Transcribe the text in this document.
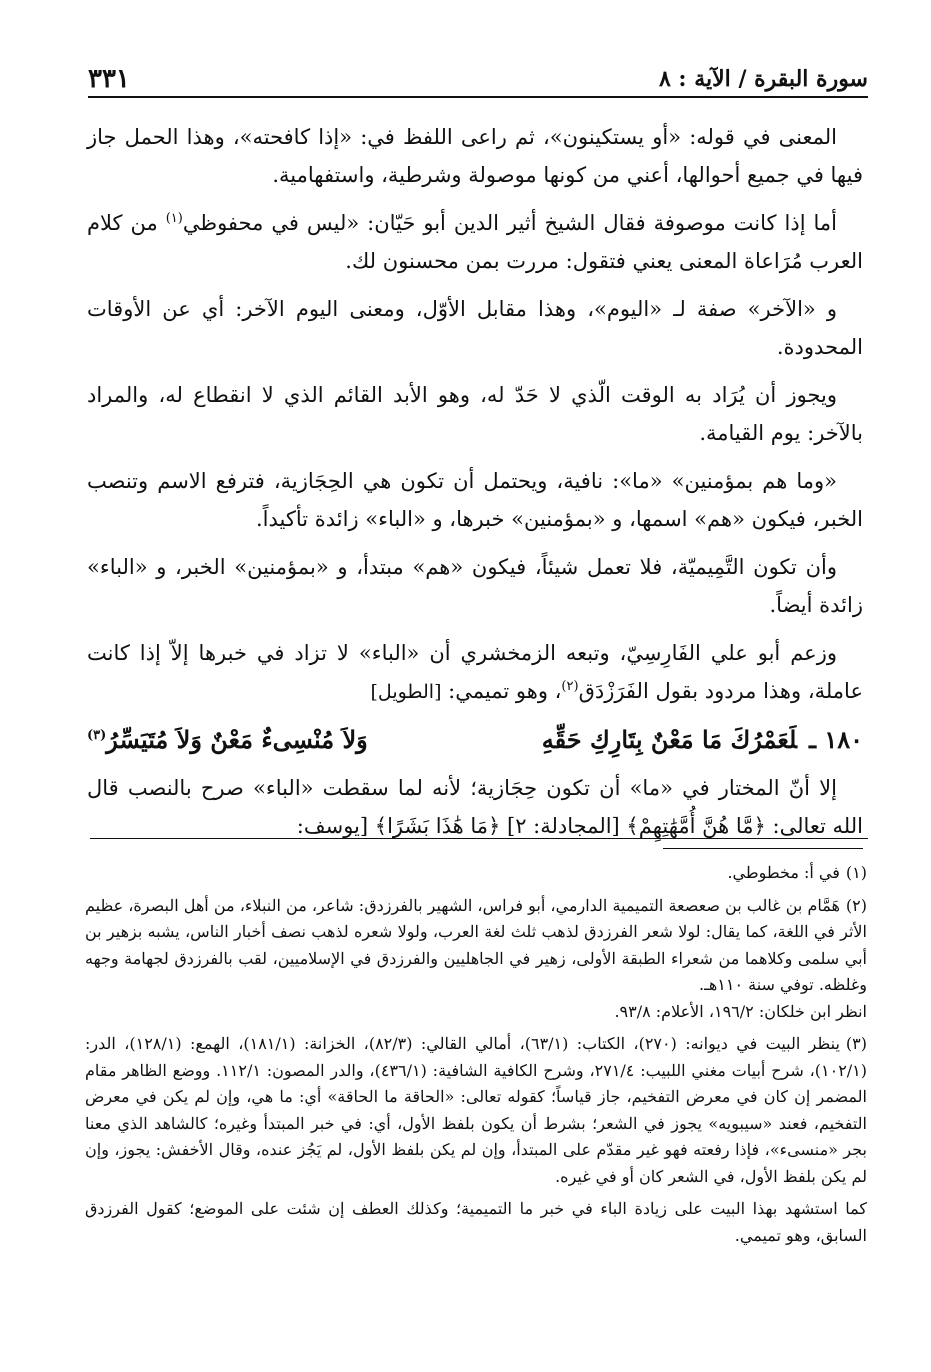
سورة البقرة / الآية : ٨
٣٣١

المعنى في قوله: «أو يستكينون»، ثم راعى اللفظ في: «إذا كافحته»، وهذا الحمل جاز فيها في جميع أحوالها، أعني من كونها موصولة وشرطية، واستفهامية.

أما إذا كانت موصوفة فقال الشيخ أثير الدين أبو حَيّان: «ليس في محفوظي$^{(١)}$ من كلام العرب مُرَاعاة المعنى يعني فتقول: مررت بمن محسنون لك.

و «الآخر» صفة لـ «اليوم»، وهذا مقابل الأوّل، ومعنى اليوم الآخر: أي عن الأوقات المحدودة.

ويجوز أن يُرَاد به الوقت الّذي لا حَدّ له، وهو الأبد القائم الذي لا انقطاع له، والمراد بالآخر: يوم القيامة.

«وما هم بمؤمنين» «ما»: نافية، ويحتمل أن تكون هي الحِجَازية، فترفع الاسم وتنصب الخبر، فيكون «هم» اسمها، و «بمؤمنين» خبرها، و «الباء» زائدة تأكيداً.

وأن تكون التَّمِيميّة، فلا تعمل شيئاً، فيكون «هم» مبتدأ، و «بمؤمنين» الخبر، و «الباء» زائدة أيضاً.

وزعم أبو علي الفَارِسِيّ، وتبعه الزمخشري أن «الباء» لا تزاد في خبرها إلاّ إذا كانت عاملة، وهذا مردود بقول الفَرَزْدَق$^{(٢)}$، وهو تميمي: [الطويل]

١٨٠ ـلَعَمْرُكَ مَا مَعْنٌ بِتَارِكِ حَقِّهِ
وَلاَ مُنْسِىءٌ مَعْنٌ وَلاَ مُتَيَسِّرُ$^{(٣)}$

إلا أنّ المختار في «ما» أن تكون حِجَازية؛ لأنه لما سقطت «الباء» صرح بالنصب قال الله تعالى: ﴿مَّا هُنَّ أُمَّهَٰتِهِمْ﴾ [المجادلة: ٢] ﴿مَا هَٰذَا بَشَرًا﴾ [يوسف:

(١)في أ: مخطوطي.

(٢)هَمَّام بن غالب بن صعصعة التميمية الدارمي، أبو فراس، الشهير بالفرزدق: شاعر، من النبلاء، من أهل البصرة، عظيم الأثر في اللغة، كما يقال: لولا شعر الفرزدق لذهب ثلث لغة العرب، ولولا شعره لذهب نصف أخبار الناس، يشبه بزهير بن أبي سلمى وكلاهما من شعراء الطبقة الأولى، زهير في الجاهليين والفرزدق في الإسلاميين، لقب بالفرزدق لجهامة وجهه وغلظه. توفي سنة ١١٠هـ.
انظر ابن خلكان: ١٩٦/٢، الأعلام: ٩٣/٨.

(٣)ينظر البيت في ديوانه: (٢٧٠)، الكتاب: (٦٣/١)، أمالي القالي: (٨٢/٣)، الخزانة: (١٨١/١)، الهمع: (١٢٨/١)، الدر: (١٠٢/١)، شرح أبيات مغني اللبيب: ٢٧١/٤، وشرح الكافية الشافية: (٤٣٦/١)، والدر المصون: ١١٢/١. ووضع الظاهر مقام المضمر إن كان في معرض التفخيم، جاز قياساً؛ كقوله تعالى: «الحاقة ما الحاقة» أي: ما هي، وإن لم يكن في معرض التفخيم، فعند «سيبويه» يجوز في الشعر؛ بشرط أن يكون بلفظ الأول، أي: في خبر المبتدأ وغيره؛ كالشاهد الذي معنا بجر «منسىء»، فإذا رفعته فهو غير مقدّم على المبتدأ، وإن لم يكن بلفظ الأول، لم يَجُز عنده، وقال الأخفش: يجوز، وإن لم يكن بلفظ الأول، في الشعر كان أو في غيره.

كما استشهد بهذا البيت على زيادة الباء في خبر ما التميمية؛ وكذلك العطف إن شئت على الموضع؛ كقول الفرزدق السابق، وهو تميمي.
